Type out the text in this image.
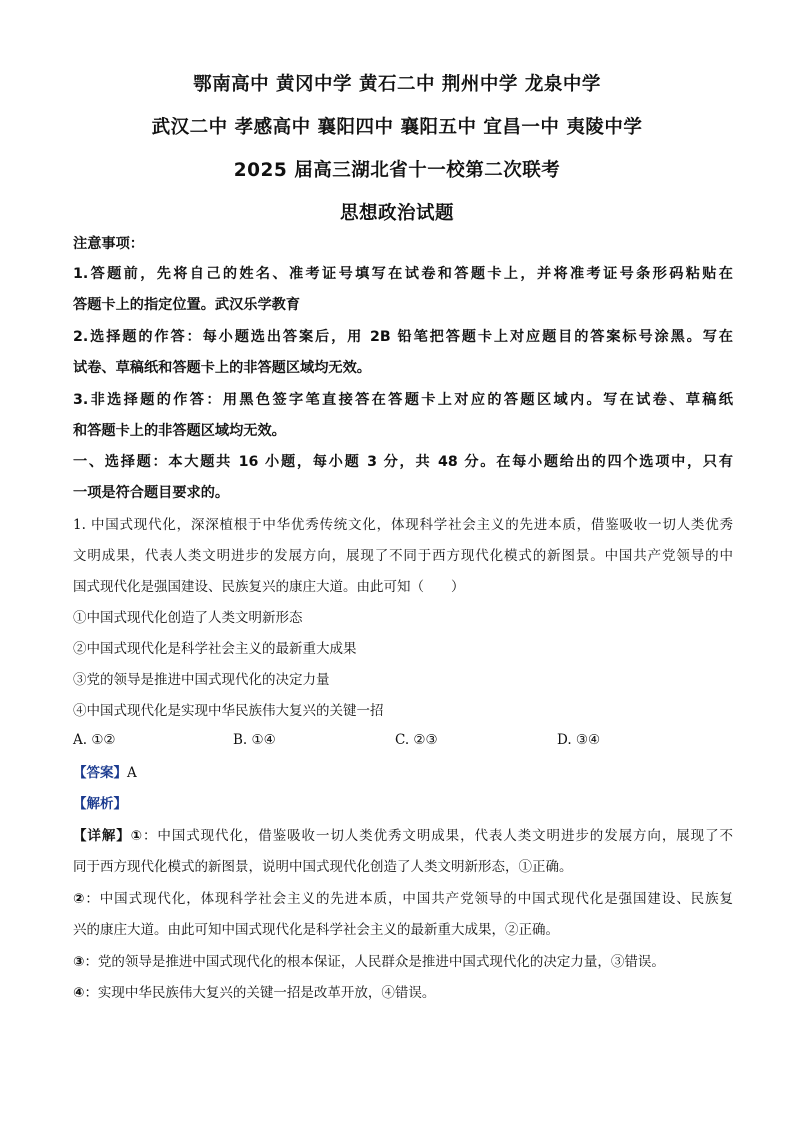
鄂南高中 黄冈中学 黄石二中 荆州中学 龙泉中学
武汉二中 孝感高中 襄阳四中 襄阳五中 宜昌一中 夷陵中学
2025 届高三湖北省十一校第二次联考
思想政治试题
注意事项：
1.答题前，先将自己的姓名、准考证号填写在试卷和答题卡上，并将准考证号条形码粘贴在
答题卡上的指定位置。武汉乐学教育
2.选择题的作答：每小题选出答案后，用 2B 铅笔把答题卡上对应题目的答案标号涂黑。写在
试卷、草稿纸和答题卡上的非答题区域均无效。
3.非选择题的作答：用黑色签字笔直接答在答题卡上对应的答题区域内。写在试卷、草稿纸
和答题卡上的非答题区域均无效。
一、选择题：本大题共 16 小题，每小题 3 分，共 48 分。在每小题给出的四个选项中，只有
一项是符合题目要求的。
1. 中国式现代化，深深植根于中华优秀传统文化，体现科学社会主义的先进本质，借鉴吸收一切人类优秀
文明成果，代表人类文明进步的发展方向，展现了不同于西方现代化模式的新图景。中国共产党领导的中
国式现代化是强国建设、民族复兴的康庄大道。由此可知（　　）
①中国式现代化创造了人类文明新形态
②中国式现代化是科学社会主义的最新重大成果
③党的领导是推进中国式现代化的决定力量
④中国式现代化是实现中华民族伟大复兴的关键一招
A. ①②	B. ①④	C. ②③	D. ③④
【答案】A
【解析】
【详解】①：中国式现代化，借鉴吸收一切人类优秀文明成果，代表人类文明进步的发展方向，展现了不
同于西方现代化模式的新图景，说明中国式现代化创造了人类文明新形态，①正确。
②：中国式现代化，体现科学社会主义的先进本质，中国共产党领导的中国式现代化是强国建设、民族复
兴的康庄大道。由此可知中国式现代化是科学社会主义的最新重大成果，②正确。
③：党的领导是推进中国式现代化的根本保证，人民群众是推进中国式现代化的决定力量，③错误。
④：实现中华民族伟大复兴的关键一招是改革开放，④错误。
